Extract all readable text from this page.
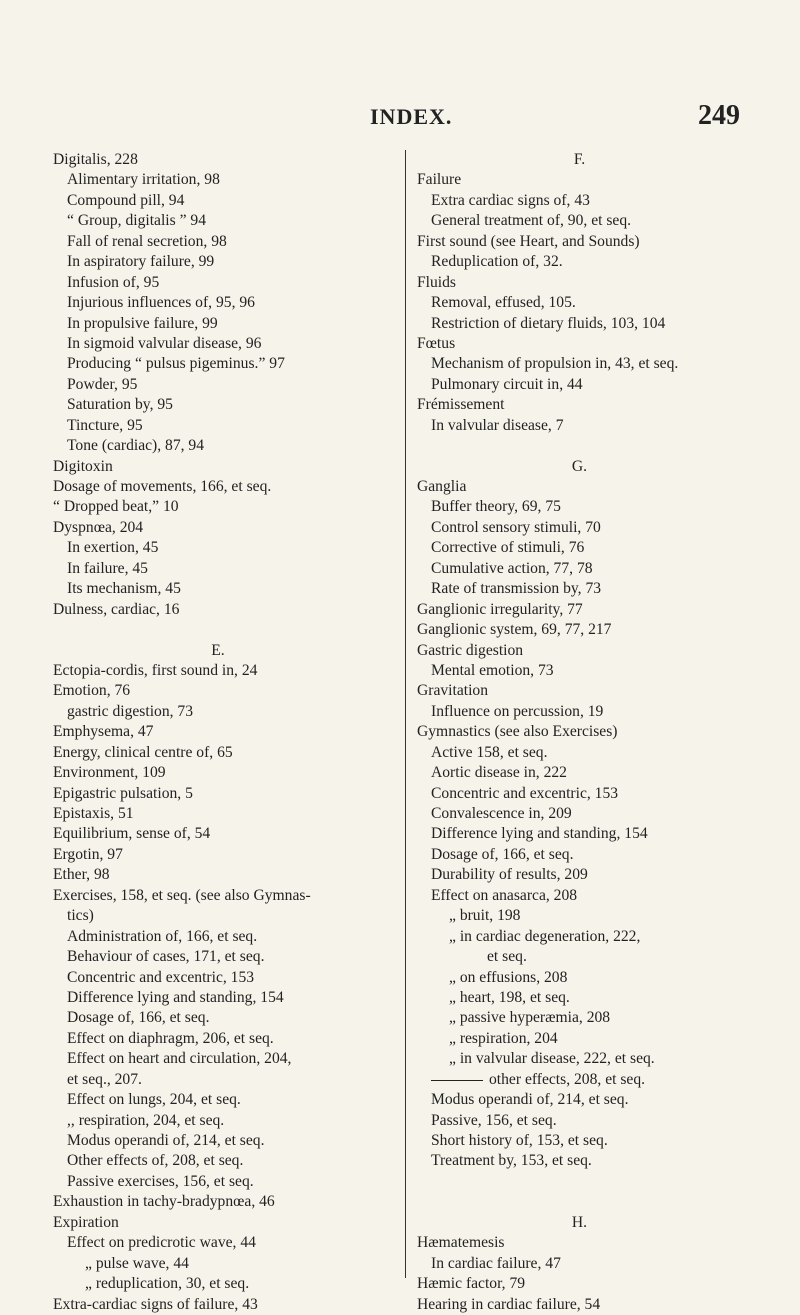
INDEX.	249
Digitalis, 228
Alimentary irritation, 98
Compound pill, 94
“ Group, digitalis ” 94
Fall of renal secretion, 98
In aspiratory failure, 99
Infusion of, 95
Injurious influences of, 95, 96
In propulsive failure, 99
In sigmoid valvular disease, 96
Producing “ pulsus pigeminus.” 97
Powder, 95
Saturation by, 95
Tincture, 95
Tone (cardiac), 87, 94
Digitoxin
Dosage of movements, 166, et seq.
“ Dropped beat,” 10
Dyspnœa, 204
In exertion, 45
In failure, 45
Its mechanism, 45
Dulness, cardiac, 16
E.
Ectopia-cordis, first sound in, 24
Emotion, 76
gastric digestion, 73
Emphysema, 47
Energy, clinical centre of, 65
Environment, 109
Epigastric pulsation, 5
Epistaxis, 51
Equilibrium, sense of, 54
Ergotin, 97
Ether, 98
Exercises, 158, et seq. (see also Gymnas-
tics)
Administration of, 166, et seq.
Behaviour of cases, 171, et seq.
Concentric and excentric, 153
Difference lying and standing, 154
Dosage of, 166, et seq.
Effect on diaphragm, 206, et seq.
Effect on heart and circulation, 204,
et seq., 207.
Effect on lungs, 204, et seq.
,, respiration, 204, et seq.
Modus operandi of, 214, et seq.
Other effects of, 208, et seq.
Passive exercises, 156, et seq.
Exhaustion in tachy-bradypnœa, 46
Expiration
Effect on predicrotic wave, 44
„ pulse wave, 44
„ reduplication, 30, et seq.
Extra-cardiac signs of failure, 43
F.
Failure
Extra cardiac signs of, 43
General treatment of, 90, et seq.
First sound (see Heart, and Sounds)
Reduplication of, 32.
Fluids
Removal, effused, 105.
Restriction of dietary fluids, 103, 104
Fœtus
Mechanism of propulsion in, 43, et seq.
Pulmonary circuit in, 44
Frémissement
In valvular disease, 7
G.
Ganglia
Buffer theory, 69, 75
Control sensory stimuli, 70
Corrective of stimuli, 76
Cumulative action, 77, 78
Rate of transmission by, 73
Ganglionic irregularity, 77
Ganglionic system, 69, 77, 217
Gastric digestion
Mental emotion, 73
Gravitation
Influence on percussion, 19
Gymnastics (see also Exercises)
Active 158, et seq.
Aortic disease in, 222
Concentric and excentric, 153
Convalescence in, 209
Difference lying and standing, 154
Dosage of, 166, et seq.
Durability of results, 209
Effect on anasarca, 208
„ bruit, 198
„ in cardiac degeneration, 222,
et seq.
„ on effusions, 208
„ heart, 198, et seq.
„ passive hyperæmia, 208
„ respiration, 204
„ in valvular disease, 222, et seq.
other effects, 208, et seq.
Modus operandi of, 214, et seq.
Passive, 156, et seq.
Short history of, 153, et seq.
Treatment by, 153, et seq.
H.
Hæmatemesis
In cardiac failure, 47
Hæmic factor, 79
Hearing in cardiac failure, 54
